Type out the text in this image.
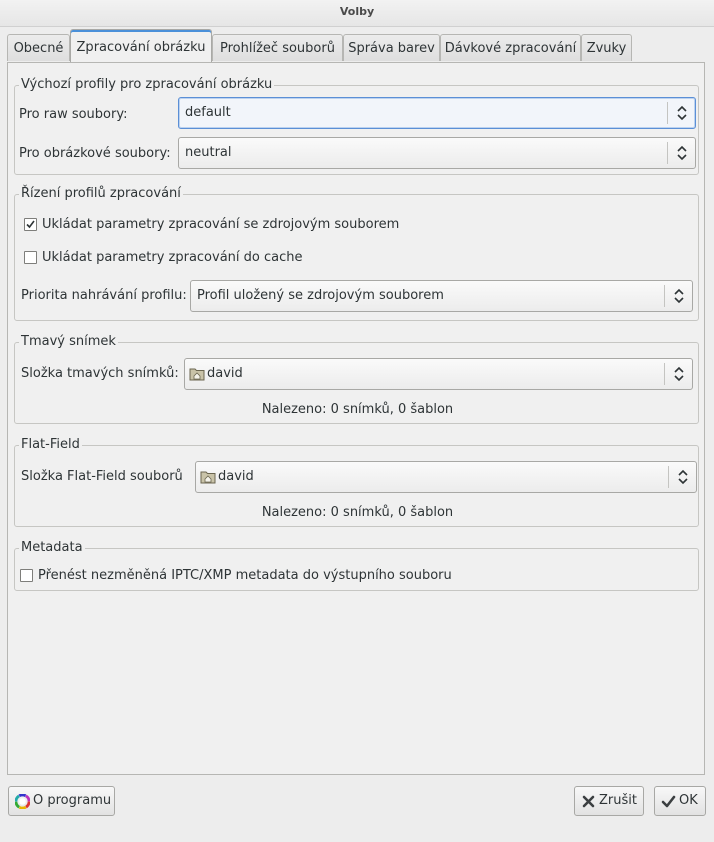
Volby
Obecné	Zpracování obrázku	Prohlížeč souborů	Správa barev Dávkové zpracování Zvuky
Výchozí profily pro zpracování obrázku
Pro raw soubory:	default
Pro obrázkové soubory: neutral
Řízení profilů zpracování
Ukládat parametry zpracování se zdrojovým souborem
Ukládat parametry zpracování do cache
Priorita nahrávání profilu: Profil uložený se zdrojovým souborem
Tmavý snímek
Složka tmavých snímků: david
Nalezeno: 0 snímků, 0 šablon
Flat-Field
Složka Flat-Field souborů	david
Nalezeno: 0 snímků, 0 šablon
Metadata
Přenést nezměněná IPTC/XMP metadata do výstupního souboru
O programu	Zrušit	OK
